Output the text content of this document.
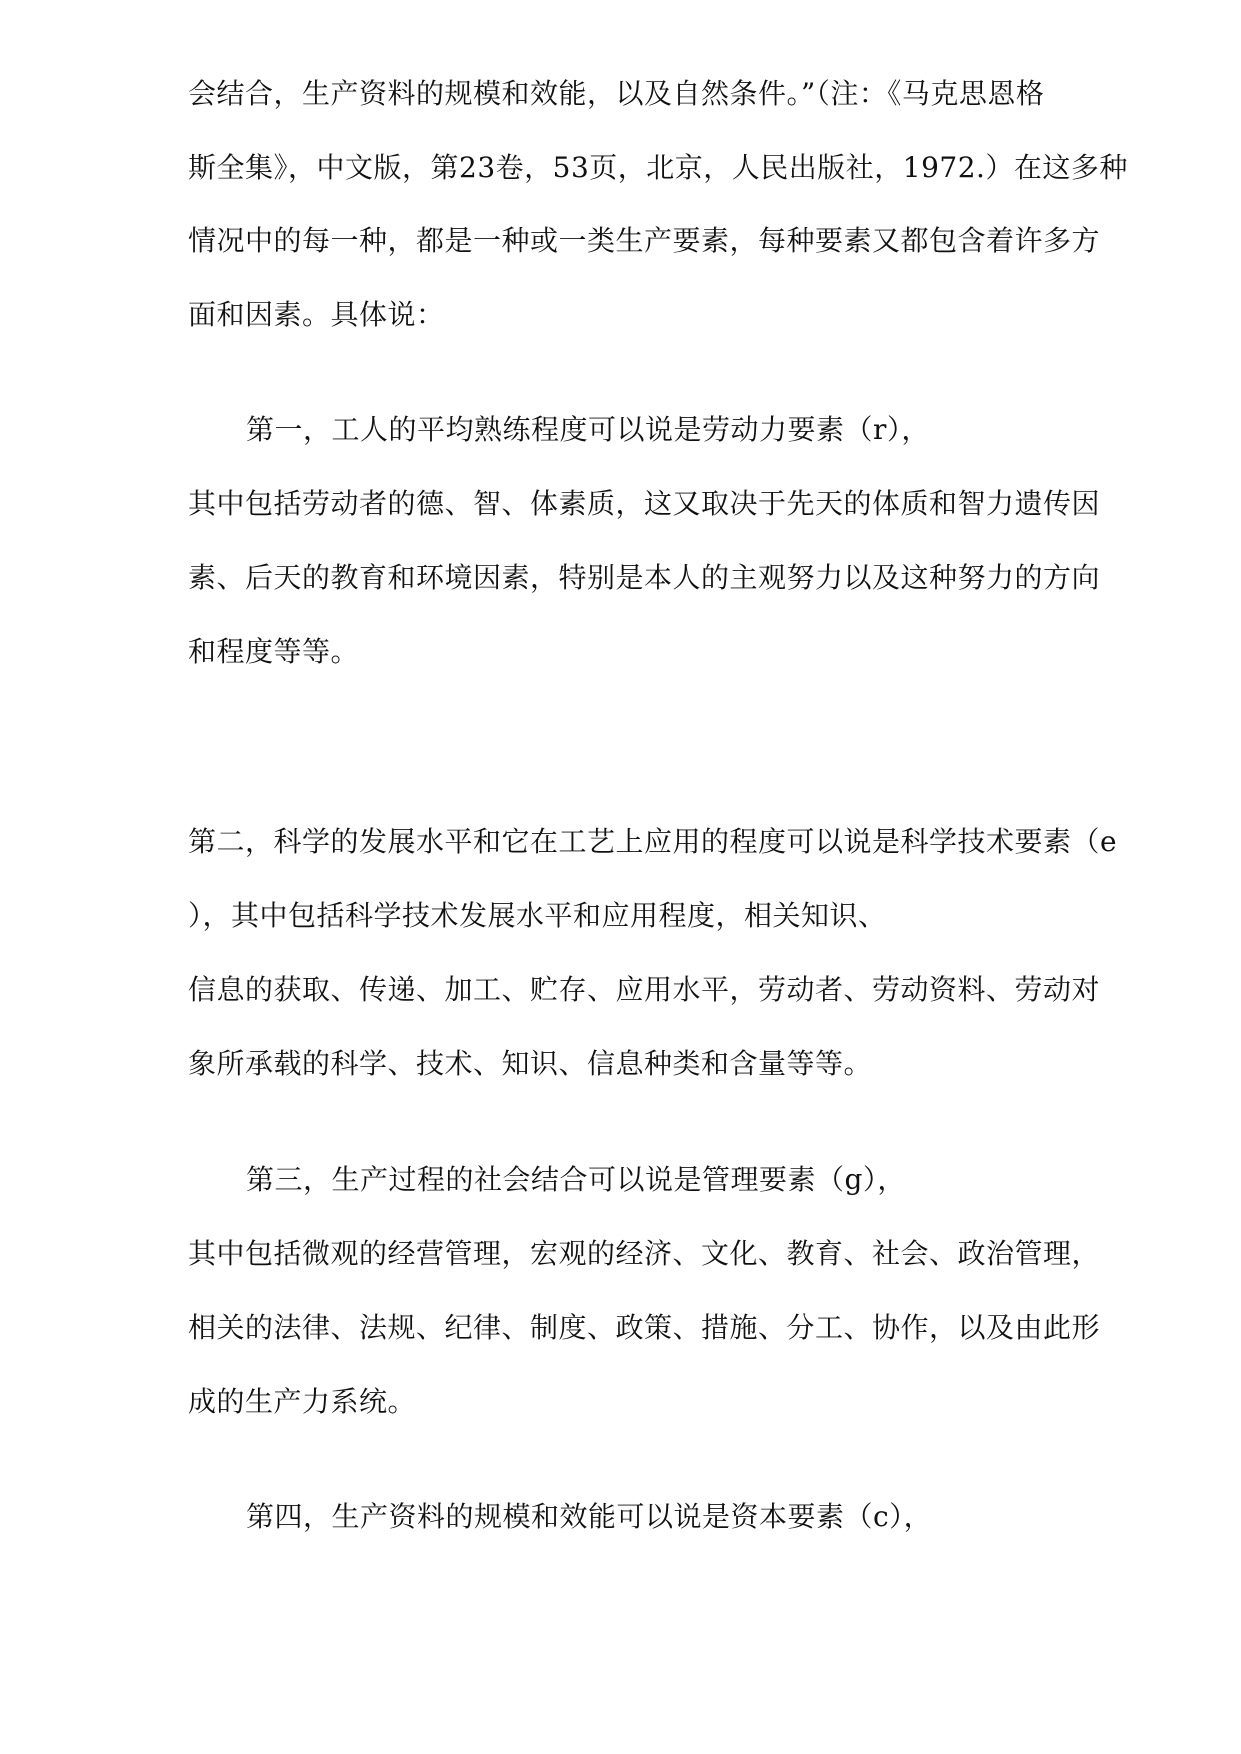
会结合，生产资料的规模和效能，以及自然条件。”（注：《马克思恩格
斯全集》，中文版，第23卷，53页，北京，人民出版社，1972.）在这多种
情况中的每一种，都是一种或一类生产要素，每种要素又都包含着许多方
面和因素。具体说：
第一，工人的平均熟练程度可以说是劳动力要素（r），
其中包括劳动者的德、智、体素质，这又取决于先天的体质和智力遗传因
素、后天的教育和环境因素，特别是本人的主观努力以及这种努力的方向
和程度等等。
第二，科学的发展水平和它在工艺上应用的程度可以说是科学技术要素（e
），其中包括科学技术发展水平和应用程度，相关知识、
信息的获取、传递、加工、贮存、应用水平，劳动者、劳动资料、劳动对
象所承载的科学、技术、知识、信息种类和含量等等。
第三，生产过程的社会结合可以说是管理要素（g），
其中包括微观的经营管理，宏观的经济、文化、教育、社会、政治管理，
相关的法律、法规、纪律、制度、政策、措施、分工、协作，以及由此形
成的生产力系统。
第四，生产资料的规模和效能可以说是资本要素（c），
